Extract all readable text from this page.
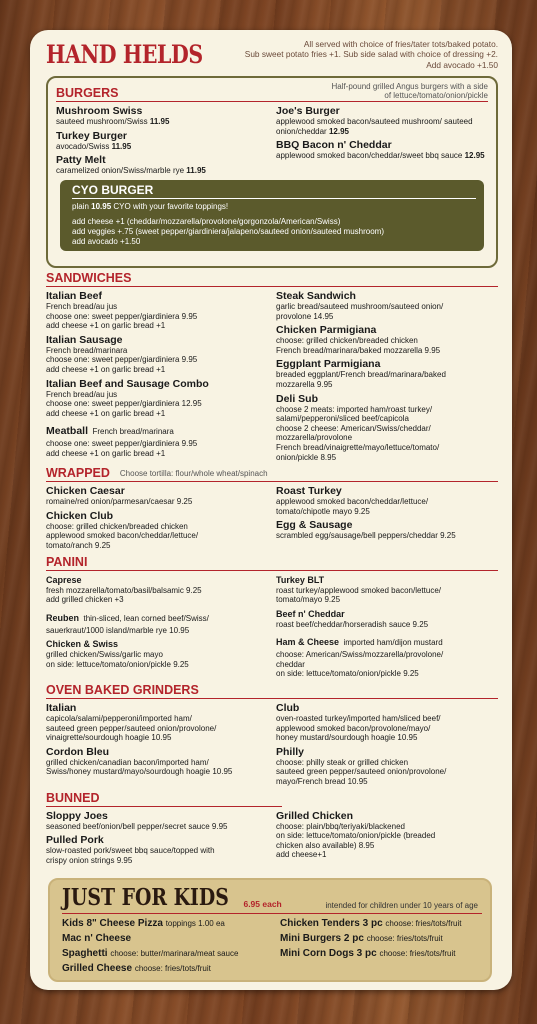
HAND HELDS	All served with choice of fries/tater tots/baked potato.
Sub sweet potato fries +1. Sub side salad with choice of dressing +2.
Add avocado +1.50
BURGERS	Half-pound grilled Angus burgers with a side
of lettuce/tomato/onion/pickle
Mushroom Swiss
sauteed mushroom/Swiss 11.95
Turkey Burger
avocado/Swiss 11.95
Patty Melt
caramelized onion/Swiss/marble rye 11.95
Joe's Burger
applewood smoked bacon/sauteed mushroom/ sauteed onion/cheddar 12.95
BBQ Bacon n' Cheddar
applewood smoked bacon/cheddar/sweet bbq sauce 12.95
CYO BURGER
plain 10.95 CYO with your favorite toppings!
add cheese +1 (cheddar/mozzarella/provolone/gorgonzola/American/Swiss)
add veggies +.75 (sweet pepper/giardiniera/jalapeno/sauteed onion/sauteed mushroom)
add avocado +1.50
SANDWICHES
Italian Beef
French bread/au jus
choose one: sweet pepper/giardiniera 9.95
add cheese +1 on garlic bread +1
Italian Sausage
French bread/marinara
choose one: sweet pepper/giardiniera 9.95
add cheese +1 on garlic bread +1
Italian Beef and Sausage Combo
French bread/au jus
choose one: sweet pepper/giardiniera 12.95
add cheese +1 on garlic bread +1
Meatball French bread/marinara
choose one: sweet pepper/giardiniera 9.95
add cheese +1 on garlic bread +1
Steak Sandwich
garlic bread/sauteed mushroom/sauteed onion/
provolone 14.95
Chicken Parmigiana
choose: grilled chicken/breaded chicken
French bread/marinara/baked mozzarella 9.95
Eggplant Parmigiana
breaded eggplant/French bread/marinara/baked
mozzarella 9.95
Deli Sub
choose 2 meats: imported ham/roast turkey/
salami/pepperoni/sliced beef/capicola
choose 2 cheese: American/Swiss/cheddar/
mozzarella/provolone
French bread/vinaigrette/mayo/lettuce/tomato/
onion/pickle 8.95
WRAPPED Choose tortilla: flour/whole wheat/spinach
Chicken Caesar
romaine/red onion/parmesan/caesar 9.25
Chicken Club
choose: grilled chicken/breaded chicken
applewood smoked bacon/cheddar/lettuce/
tomato/ranch 9.25
Roast Turkey
applewood smoked bacon/cheddar/lettuce/
tomato/chipotle mayo 9.25
Egg & Sausage
scrambled egg/sausage/bell peppers/cheddar 9.25
PANINI
Caprese
fresh mozzarella/tomato/basil/balsamic 9.25
add grilled chicken +3
Reuben thin-sliced, lean corned beef/Swiss/
sauerkraut/1000 island/marble rye 10.95
Chicken & Swiss
grilled chicken/Swiss/garlic mayo
on side: lettuce/tomato/onion/pickle 9.25
Turkey BLT
roast turkey/applewood smoked bacon/lettuce/
tomato/mayo 9.25
Beef n' Cheddar
roast beef/cheddar/horseradish sauce 9.25
Ham & Cheese imported ham/dijon mustard
choose: American/Swiss/mozzarella/provolone/
cheddar
on side: lettuce/tomato/onion/pickle 9.25
OVEN BAKED GRINDERS
Italian
capicola/salami/pepperoni/imported ham/
sauteed green pepper/sauteed onion/provolone/
vinaigrette/sourdough hoagie 10.95
Cordon Bleu
grilled chicken/canadian bacon/imported ham/
Swiss/honey mustard/mayo/sourdough hoagie 10.95
Club
oven-roasted turkey/imported ham/sliced beef/
applewood smoked bacon/provolone/mayo/
honey mustard/sourdough hoagie 10.95
Philly
choose: philly steak or grilled chicken
sauteed green pepper/sauteed onion/provolone/
mayo/French bread 10.95
BUNNED
Sloppy Joes
seasoned beef/onion/bell pepper/secret sauce 9.95
Pulled Pork
slow-roasted pork/sweet bbq sauce/topped with
crispy onion strings 9.95
Grilled Chicken
choose: plain/bbq/teriyaki/blackened
on side: lettuce/tomato/onion/pickle (breaded
chicken also available) 8.95
add cheese+1
JUST FOR KIDS 6.95 each	intended for children under 10 years of age
Kids 8" Cheese Pizza toppings 1.00 ea	Chicken Tenders 3 pc choose: fries/tots/fruit
Mac n' Cheese	Mini Burgers 2 pc choose: fries/tots/fruit
Spaghetti choose: butter/marinara/meat sauce	Mini Corn Dogs 3 pc choose: fries/tots/fruit
Grilled Cheese choose: fries/tots/fruit
